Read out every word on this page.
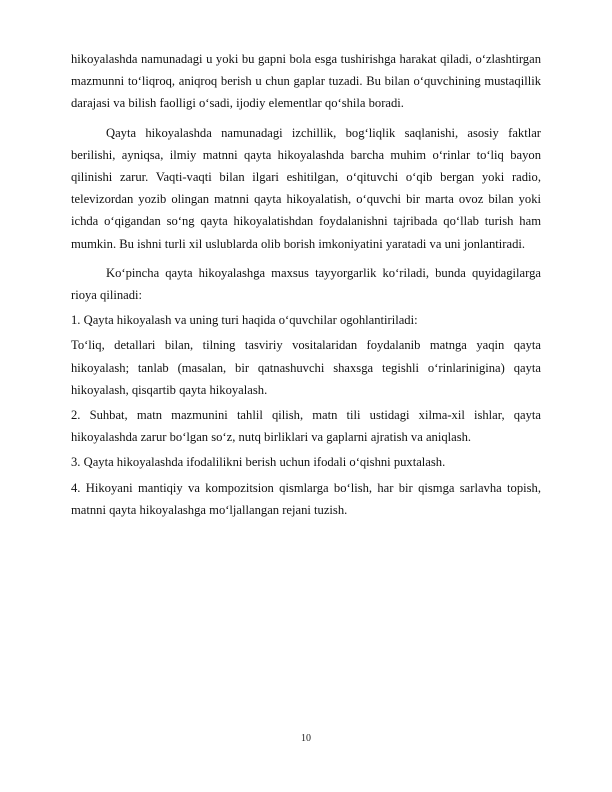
hikoyalashda namunadagi u yoki bu gapni bola esga tushirishga harakat qiladi, o‘zlashtirgan mazmunni to‘liqroq, aniqroq berish u chun gaplar tuzadi. Bu bilan o‘quvchining mustaqillik darajasi va bilish faolligi o‘sadi, ijodiy elementlar qo‘shila boradi.

Qayta hikoyalashda namunadagi izchillik, bog‘liqlik saqlanishi, asosiy faktlar berilishi, ayniqsa, ilmiy matnni qayta hikoyalashda barcha muhim o‘rinlar to‘liq bayon qilinishi zarur. Vaqti-vaqti bilan ilgari eshitilgan, o‘qituvchi o‘qib bergan yoki radio, televizordan yozib olingan matnni qayta hikoyalatish, o‘quvchi bir marta ovoz bilan yoki ichda o‘qigandan so‘ng qayta hikoyalatishdan foydalanishni tajribada qo‘llab turish ham mumkin. Bu ishni turli xil uslublarda olib borish imkoniyatini yaratadi va uni jonlantiradi.

Ko‘pincha qayta hikoyalashga maxsus tayyorgarlik ko‘riladi, bunda quyidagilarga rioya qilinadi:

1. Qayta hikoyalash va uning turi haqida o‘quvchilar ogohlantiriladi:

To‘liq, detallari bilan, tilning tasviriy vositalaridan foydalanib matnga yaqin qayta hikoyalash; tanlab (masalan, bir qatnashuvchi shaxsga tegishli o‘rinlarinigina) qayta hikoyalash, qisqartib qayta hikoyalash.

2. Suhbat, matn mazmunini tahlil qilish, matn tili ustidagi xilma-xil ishlar, qayta hikoyalashda zarur bo‘lgan so‘z, nutq birliklari va gaplarni ajratish va aniqlash.

3. Qayta hikoyalashda ifodalilikni berish uchun ifodali o‘qishni puxtalash.

4. Hikoyani mantiqiy va kompozitsion qismlarga bo‘lish, har bir qismga sarlavha topish, matnni qayta hikoyalashga mo‘ljallangan rejani tuzish.

10
